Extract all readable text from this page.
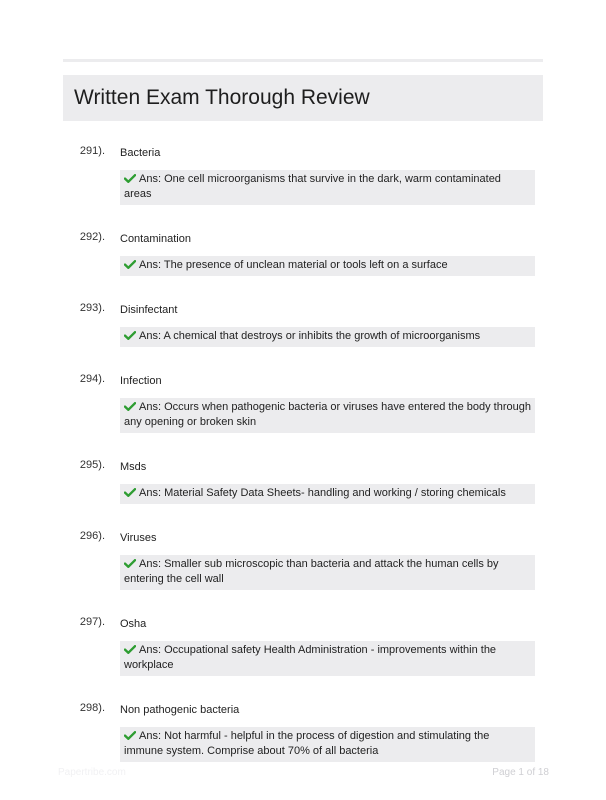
Written Exam Thorough Review
291).	Bacteria
Ans: One cell microorganisms that survive in the dark, warm contaminated areas
292).	Contamination
Ans: The presence of unclean material or tools left on a surface
293).	Disinfectant
Ans: A chemical that destroys or inhibits the growth of microorganisms
294).	Infection
Ans: Occurs when pathogenic bacteria or viruses have entered the body through any opening or broken skin
295).	Msds
Ans: Material Safety Data Sheets- handling and working / storing chemicals
296).	Viruses
Ans: Smaller sub microscopic than bacteria and attack the human cells by entering the cell wall
297).	Osha
Ans: Occupational safety Health Administration - improvements within the workplace
298).	Non pathogenic bacteria
Ans: Not harmful - helpful in the process of digestion and stimulating the immune system. Comprise about 70% of all bacteria
Papertribe.com	Page 1 of 18
